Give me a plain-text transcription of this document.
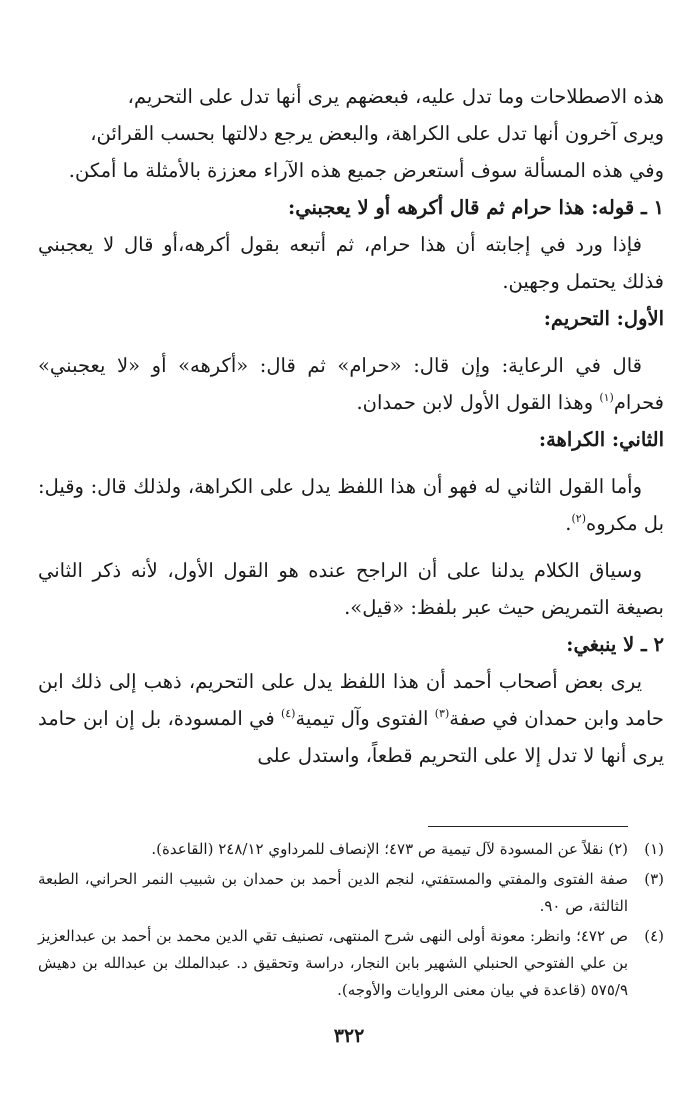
هذه الاصطلاحات وما تدل عليه، فبعضهم يرى أنها تدل على التحريم،
ويرى آخرون أنها تدل على الكراهة، والبعض يرجع دلالتها بحسب القرائن،
وفي هذه المسألة سوف أستعرض جميع هذه الآراء معززة بالأمثلة ما أمكن.

١ ـ قوله: هذا حرام ثم قال أكرهه أو لا يعجبني:

فإذا ورد في إجابته أن هذا حرام، ثم أتبعه بقول أكرهه،أو قال لا يعجبني فذلك يحتمل وجهين.

الأول: التحريم:

قال في الرعاية: وإن قال: «حرام» ثم قال: «أكرهه» أو «لا يعجبني» فحرام$^{(١)}$ وهذا القول الأول لابن حمدان.

الثاني: الكراهة:

وأما القول الثاني له فهو أن هذا اللفظ يدل على الكراهة، ولذلك قال: وقيل: بل مكروه$^{(٢)}$.

وسياق الكلام يدلنا على أن الراجح عنده هو القول الأول، لأنه ذكر الثاني بصيغة التمريض حيث عبر بلفظ: «قيل».

٢ ـ لا ينبغي:

يرى بعض أصحاب أحمد أن هذا اللفظ يدل على التحريم، ذهب إلى ذلك ابن حامد وابن حمدان في صفة$^{(٣)}$ الفتوى وآل تيمية$^{(٤)}$ في المسودة، بل إن ابن حامد يرى أنها لا تدل إلا على التحريم قطعاً، واستدل على

(١)
(٢) نقلاً عن المسودة لآل تيمية ص ٤٧٣؛ الإنصاف للمرداوي ٢٤٨/١٢ (القاعدة).

(٣)
صفة الفتوى والمفتي والمستفتي، لنجم الدين أحمد بن حمدان بن شبيب النمر الحراني، الطبعة الثالثة، ص ٩٠.

(٤)
ص ٤٧٢؛ وانظر: معونة أولى النهى شرح المنتهى، تصنيف تقي الدين محمد بن أحمد بن عبدالعزيز بن علي الفتوحي الحنبلي الشهير بابن النجار، دراسة وتحقيق د. عبدالملك بن عبدالله بن دهيش ٥٧٥/٩ (قاعدة في بيان معنى الروايات والأوجه).

٣٢٢
